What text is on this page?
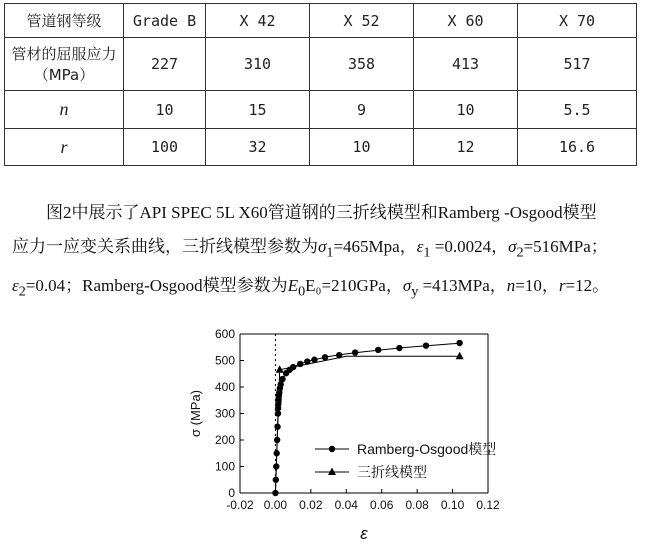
管道钢等级	Grade B	X 42	X 52	X 60	X 70

管材的屈服应力
（MPa）	227	310	358	413	517
n	10	15	9	10	5.5
r	100	32	10	12	16.6

图2中展示了API SPEC 5L X60管道钢的三折线模型和Ramberg -Osgood模型

应力一应变关系曲线，三折线模型参数为$\sigma_1=465Mpa$，$\varepsilon_1 =0.0024$，$\sigma_2=516MPa$；

$\varepsilon_2=0.04$；Ramberg-Osgood模型参数为$E_0E_0=210GPa$，$\sigma_y =413MPa$，n=10，r=12。

-0.02 0.00 0.02 0.04 0.06 0.08 0.10 0.12
0
100
200
300
400
500
600
ε
σ (MPa)
Ramberg-Osgood模型
三折线模型
